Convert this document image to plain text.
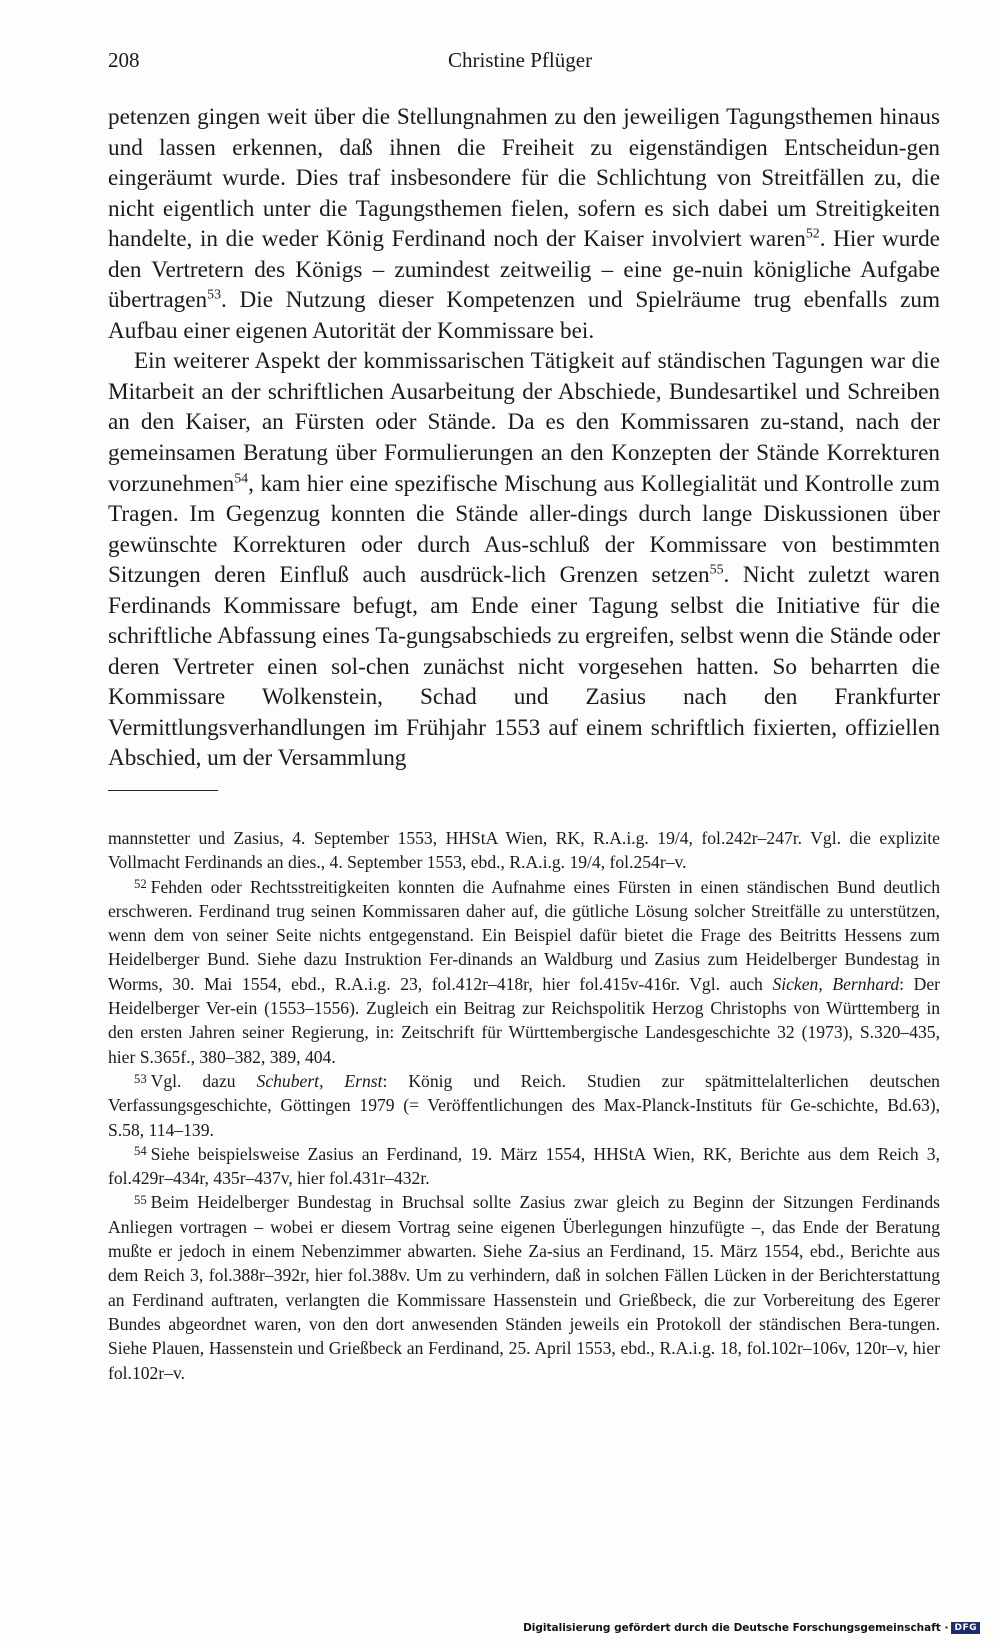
208	Christine Pflüger

petenzen gingen weit über die Stellungnahmen zu den jeweiligen Tagungsthemen hinaus und lassen erkennen, daß ihnen die Freiheit zu eigenständigen Entscheidun-gen eingeräumt wurde. Dies traf insbesondere für die Schlichtung von Streitfällen zu, die nicht eigentlich unter die Tagungsthemen fielen, sofern es sich dabei um Streitigkeiten handelte, in die weder König Ferdinand noch der Kaiser involviert waren$^{52}$. Hier wurde den Vertretern des Königs – zumindest zeitweilig – eine ge-nuin königliche Aufgabe übertragen$^{53}$. Die Nutzung dieser Kompetenzen und Spielräume trug ebenfalls zum Aufbau einer eigenen Autorität der Kommissare bei.

Ein weiterer Aspekt der kommissarischen Tätigkeit auf ständischen Tagungen war die Mitarbeit an der schriftlichen Ausarbeitung der Abschiede, Bundesartikel und Schreiben an den Kaiser, an Fürsten oder Stände. Da es den Kommissaren zu-stand, nach der gemeinsamen Beratung über Formulierungen an den Konzepten der Stände Korrekturen vorzunehmen$^{54}$, kam hier eine spezifische Mischung aus Kollegialität und Kontrolle zum Tragen. Im Gegenzug konnten die Stände aller-dings durch lange Diskussionen über gewünschte Korrekturen oder durch Aus-schluß der Kommissare von bestimmten Sitzungen deren Einfluß auch ausdrück-lich Grenzen setzen$^{55}$. Nicht zuletzt waren Ferdinands Kommissare befugt, am Ende einer Tagung selbst die Initiative für die schriftliche Abfassung eines Ta-gungsabschieds zu ergreifen, selbst wenn die Stände oder deren Vertreter einen sol-chen zunächst nicht vorgesehen hatten. So beharrten die Kommissare Wolkenstein, Schad und Zasius nach den Frankfurter Vermittlungsverhandlungen im Frühjahr 1553 auf einem schriftlich fixierten, offiziellen Abschied, um der Versammlung

mannstetter und Zasius, 4. September 1553, HHStA Wien, RK, R.A.i.g. 19/4, fol.242r–247r. Vgl. die explizite Vollmacht Ferdinands an dies., 4. September 1553, ebd., R.A.i.g. 19/4, fol.254r–v.

$^{52}$ Fehden oder Rechtsstreitigkeiten konnten die Aufnahme eines Fürsten in einen ständischen Bund deutlich erschweren. Ferdinand trug seinen Kommissaren daher auf, die gütliche Lösung solcher Streitfälle zu unterstützen, wenn dem von seiner Seite nichts entgegenstand. Ein Beispiel dafür bietet die Frage des Beitritts Hessens zum Heidelberger Bund. Siehe dazu Instruktion Fer-dinands an Waldburg und Zasius zum Heidelberger Bundestag in Worms, 30. Mai 1554, ebd., R.A.i.g. 23, fol.412r–418r, hier fol.415v-416r. Vgl. auch Sicken, Bernhard: Der Heidelberger Ver-ein (1553–1556). Zugleich ein Beitrag zur Reichspolitik Herzog Christophs von Württemberg in den ersten Jahren seiner Regierung, in: Zeitschrift für Württembergische Landesgeschichte 32 (1973), S.320–435, hier S.365f., 380–382, 389, 404.

$^{53}$ Vgl. dazu Schubert, Ernst: König und Reich. Studien zur spätmittelalterlichen deutschen Verfassungsgeschichte, Göttingen 1979 (= Veröffentlichungen des Max-Planck-Instituts für Ge-schichte, Bd.63), S.58, 114–139.

$^{54}$ Siehe beispielsweise Zasius an Ferdinand, 19. März 1554, HHStA Wien, RK, Berichte aus dem Reich 3, fol.429r–434r, 435r–437v, hier fol.431r–432r.

$^{55}$ Beim Heidelberger Bundestag in Bruchsal sollte Zasius zwar gleich zu Beginn der Sitzungen Ferdinands Anliegen vortragen – wobei er diesem Vortrag seine eigenen Überlegungen hinzufügte –, das Ende der Beratung mußte er jedoch in einem Nebenzimmer abwarten. Siehe Za-sius an Ferdinand, 15. März 1554, ebd., Berichte aus dem Reich 3, fol.388r–392r, hier fol.388v. Um zu verhindern, daß in solchen Fällen Lücken in der Berichterstattung an Ferdinand auftraten, verlangten die Kommissare Hassenstein und Grießbeck, die zur Vorbereitung des Egerer Bundes abgeordnet waren, von den dort anwesenden Ständen jeweils ein Protokoll der ständischen Bera-tungen. Siehe Plauen, Hassenstein und Grießbeck an Ferdinand, 25. April 1553, ebd., R.A.i.g. 18, fol.102r–106v, 120r–v, hier fol.102r–v.

Digitalisierung gefördert durch die Deutsche Forschungsgemeinschaft · DFG
